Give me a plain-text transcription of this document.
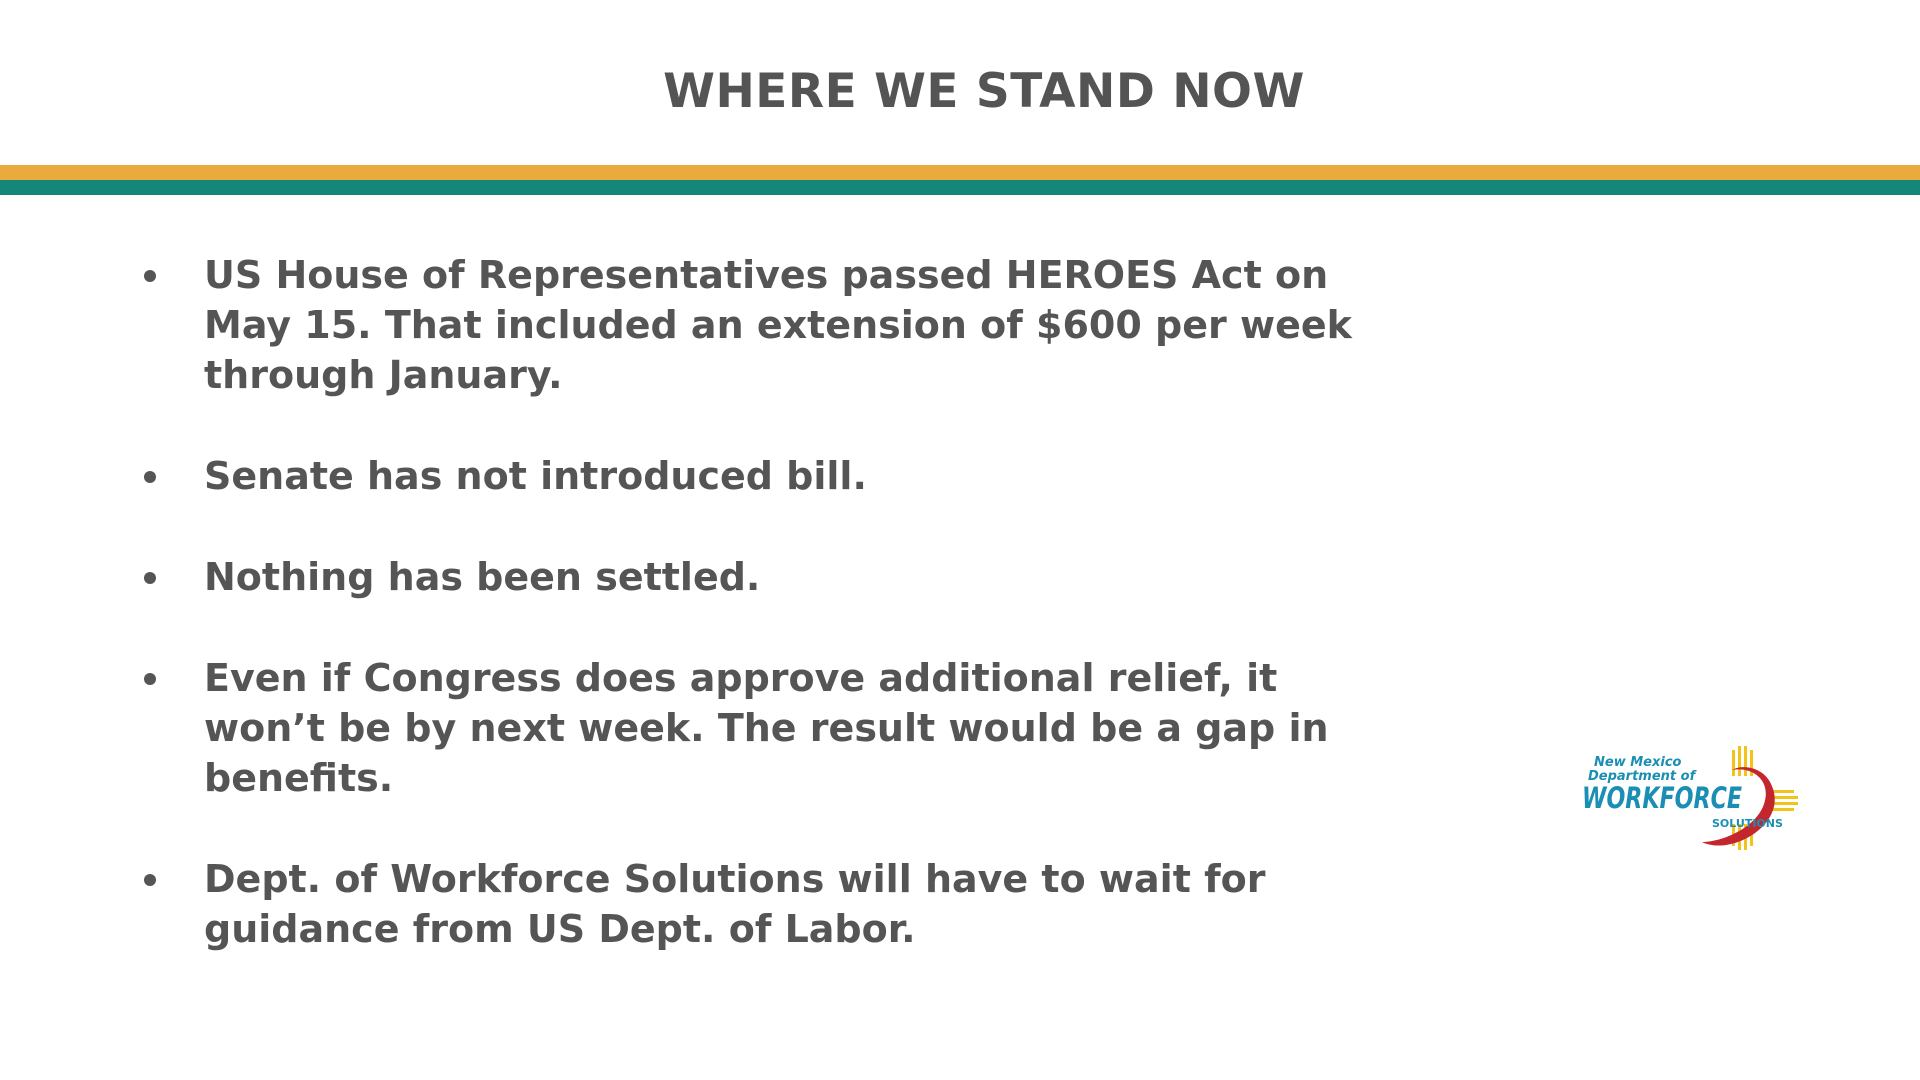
WHERE WE STAND NOW
US House of Representatives passed HEROES Act on May 15. That included an extension of $600 per week through January.
Senate has not introduced bill.
Nothing has been settled.
Even if Congress does approve additional relief, it won’t be by next week. The result would be a gap in benefits.
Dept. of Workforce Solutions will have to wait for guidance from US Dept. of Labor.
New Mexico
Department of
WORKFORCE
SOLUTIONS
